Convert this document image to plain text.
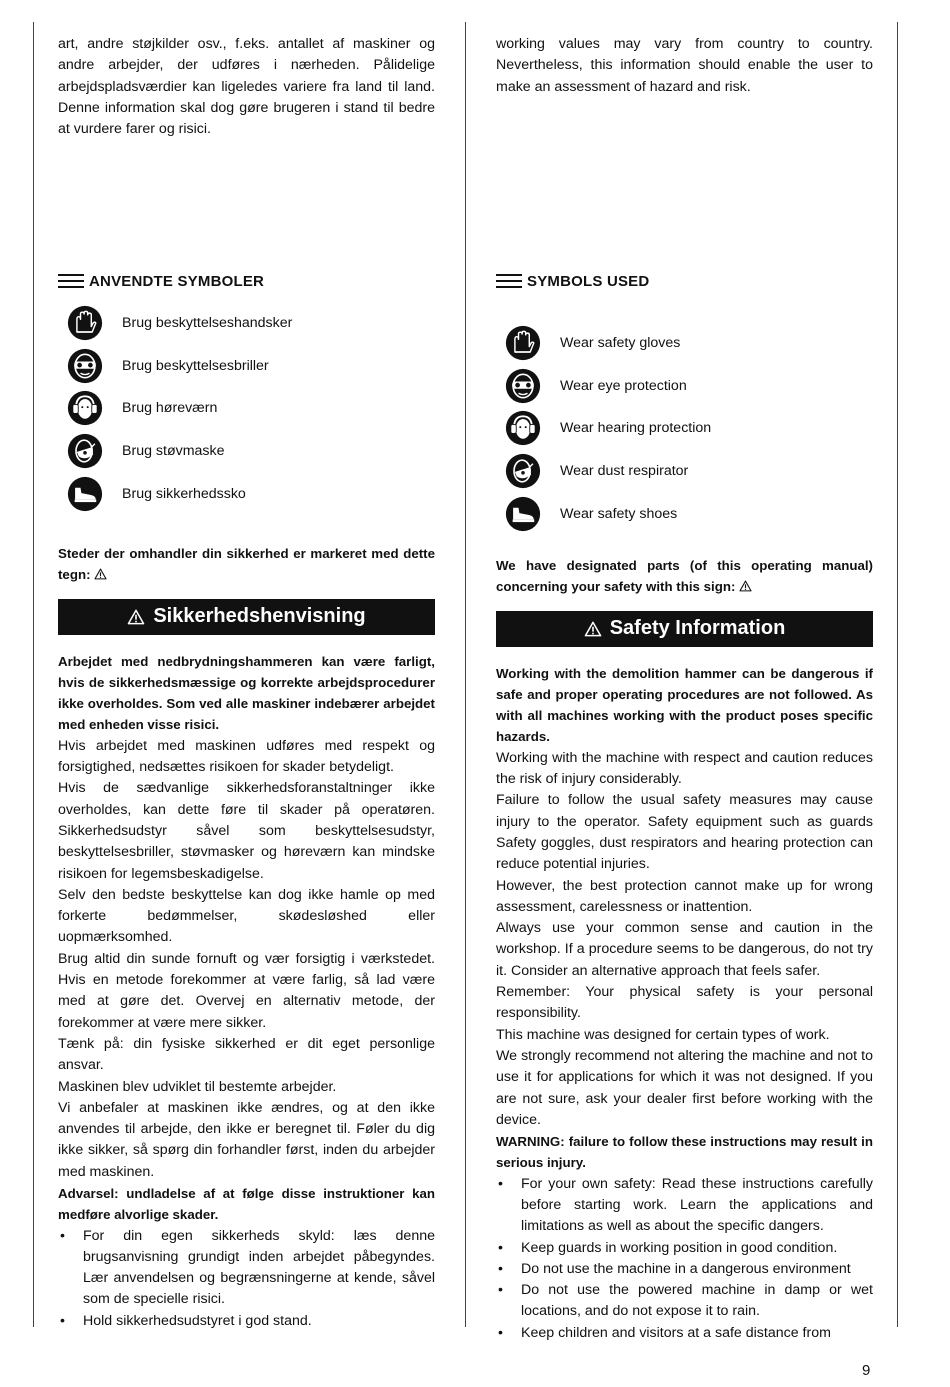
art, andre støjkilder osv., f.eks. antallet af maskiner og andre arbejder, der udføres i nærheden. Pålidelige arbejdspladsværdier kan ligeledes variere fra land til land. Denne information skal dog gøre brugeren i stand til bedre at vurdere farer og risici.

ANVENDTE SYMBOLER
Brug beskyttelseshandsker
Brug beskyttelsesbriller
Brug høreværn
Brug støvmaske
Brug sikkerhedssko

Steder der omhandler din sikkerhed er markeret med dette tegn:

Sikkerhedshenvisning

Arbejdet med nedbrydningshammeren kan være farligt, hvis de sikkerhedsmæssige og korrekte arbejdsprocedurer ikke overholdes. Som ved alle maskiner indebærer arbejdet med enheden visse risici.

Hvis arbejdet med maskinen udføres med respekt og forsigtighed, nedsættes risikoen for skader betydeligt.

Hvis de sædvanlige sikkerhedsforanstaltninger ikke overholdes, kan dette føre til skader på operatøren. Sikkerhedsudstyr såvel som beskyttelsesudstyr, beskyttelsesbriller, støvmasker og høreværn kan mindske risikoen for legemsbeskadigelse.

Selv den bedste beskyttelse kan dog ikke hamle op med forkerte bedømmelser, skødesløshed eller uopmærksomhed.

Brug altid din sunde fornuft og vær forsigtig i værkstedet. Hvis en metode forekommer at være farlig, så lad være med at gøre det. Overvej en alternativ metode, der forekommer at være mere sikker.

Tænk på: din fysiske sikkerhed er dit eget personlige ansvar.

Maskinen blev udviklet til bestemte arbejder.

Vi anbefaler at maskinen ikke ændres, og at den ikke anvendes til arbejde, den ikke er beregnet til. Føler du dig ikke sikker, så spørg din forhandler først, inden du arbejder med maskinen.

Advarsel: undladelse af at følge disse instruktioner kan medføre alvorlige skader.

• For din egen sikkerheds skyld: læs denne brugsanvisning grundigt inden arbejdet påbegyndes. Lær anvendelsen og begrænsningerne at kende, såvel som de specielle risici.
• Hold sikkerhedsudstyret i god stand.

working values may vary from country to country. Nevertheless, this information should enable the user to make an assessment of hazard and risk.

SYMBOLS USED
Wear safety gloves
Wear eye protection
Wear hearing protection
Wear dust respirator
Wear safety shoes

We have designated parts (of this operating manual) concerning your safety with this sign:

Safety Information

Working with the demolition hammer can be dangerous if safe and proper operating procedures are not followed. As with all machines working with the product poses specific hazards.

Working with the machine with respect and caution reduces the risk of injury considerably.

Failure to follow the usual safety measures may cause injury to the operator. Safety equipment such as guards Safety goggles, dust respirators and hearing protection can reduce potential injuries.

However, the best protection cannot make up for wrong assessment, carelessness or inattention.

Always use your common sense and caution in the workshop. If a procedure seems to be dangerous, do not try it. Consider an alternative approach that feels safer.

Remember: Your physical safety is your personal responsibility.

This machine was designed for certain types of work.

We strongly recommend not altering the machine and not to use it for applications for which it was not designed. If you are not sure, ask your dealer first before working with the device.

WARNING: failure to follow these instructions may result in serious injury.

• For your own safety: Read these instructions carefully before starting work. Learn the applications and limitations as well as about the specific dangers.
• Keep guards in working position in good condition.
• Do not use the machine in a dangerous environment
• Do not use the powered machine in damp or wet locations, and do not expose it to rain.
• Keep children and visitors at a safe distance from
9
